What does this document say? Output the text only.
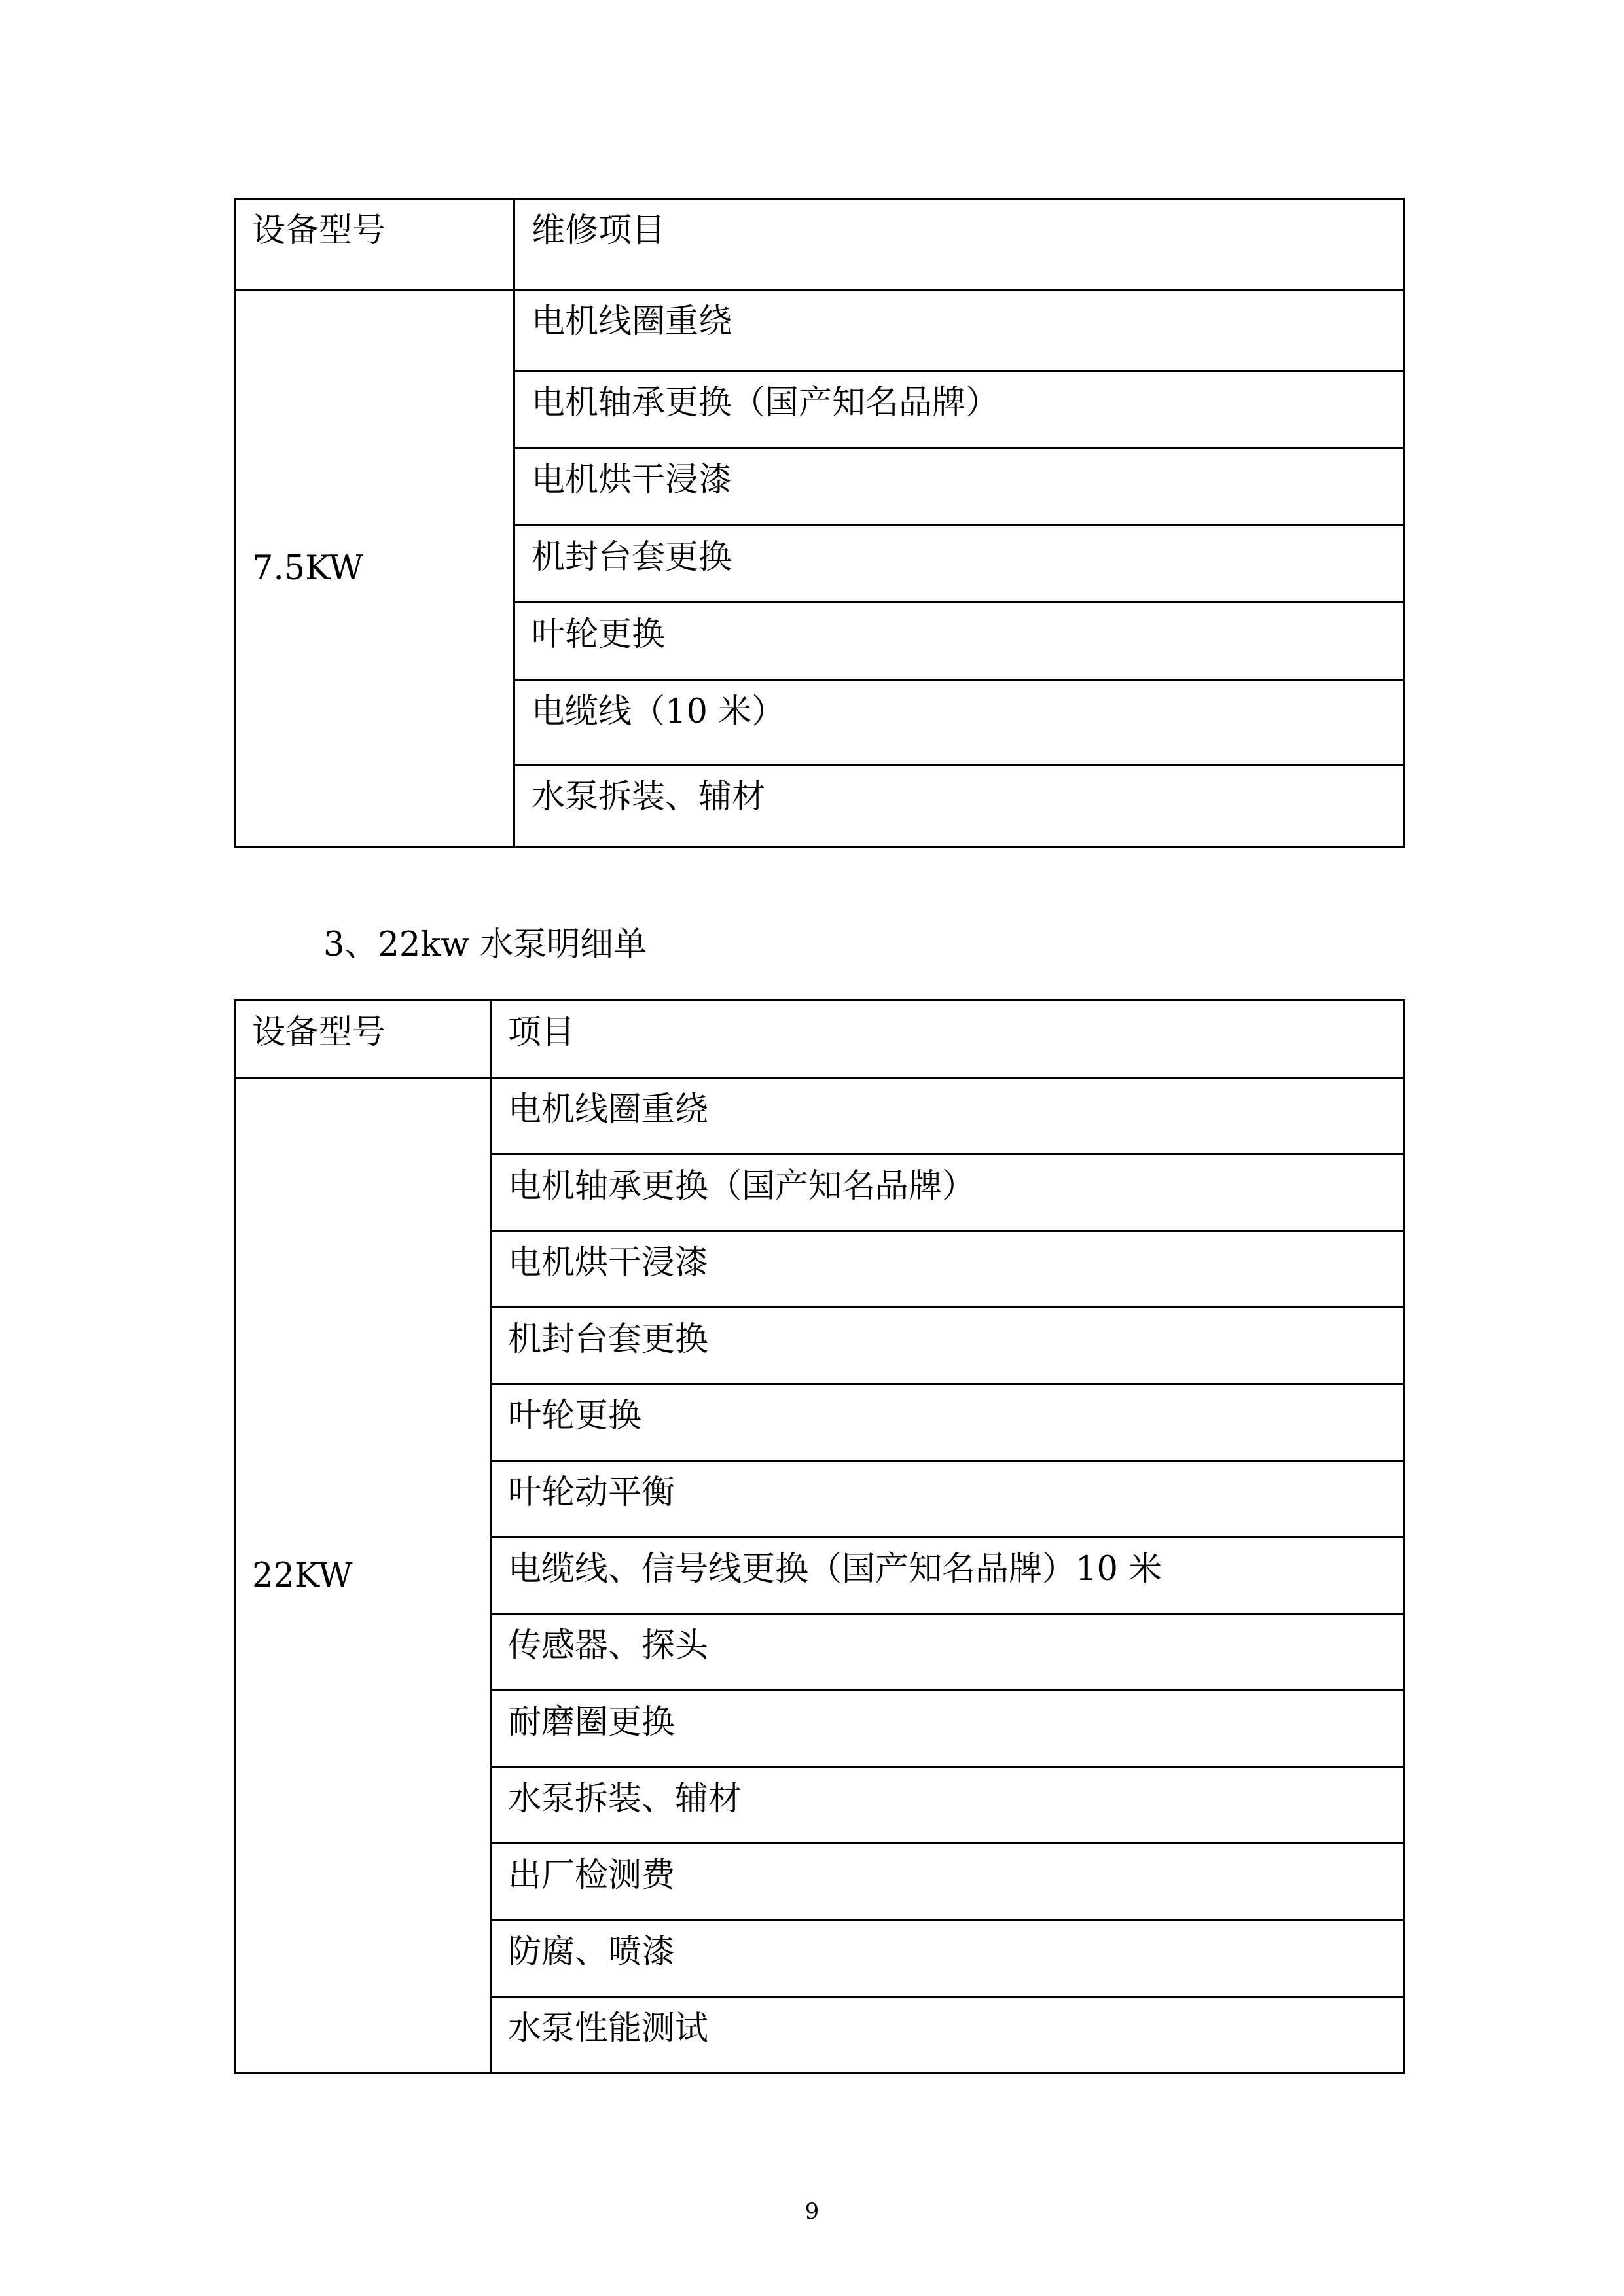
设备型号	维修项目

7.5KW	电机线圈重绕

	电机轴承更换（国产知名品牌）

	电机烘干浸漆

	机封台套更换

	叶轮更换

	电缆线（10 米）

	水泵拆装、辅材
3、22kw 水泵明细单
设备型号	项目

22KW	电机线圈重绕

	电机轴承更换（国产知名品牌）

	电机烘干浸漆

	机封台套更换

	叶轮更换

	叶轮动平衡

	电缆线、信号线更换（国产知名品牌）10 米

	传感器、探头

	耐磨圈更换

	水泵拆装、辅材

	出厂检测费

	防腐、喷漆

	水泵性能测试
9
